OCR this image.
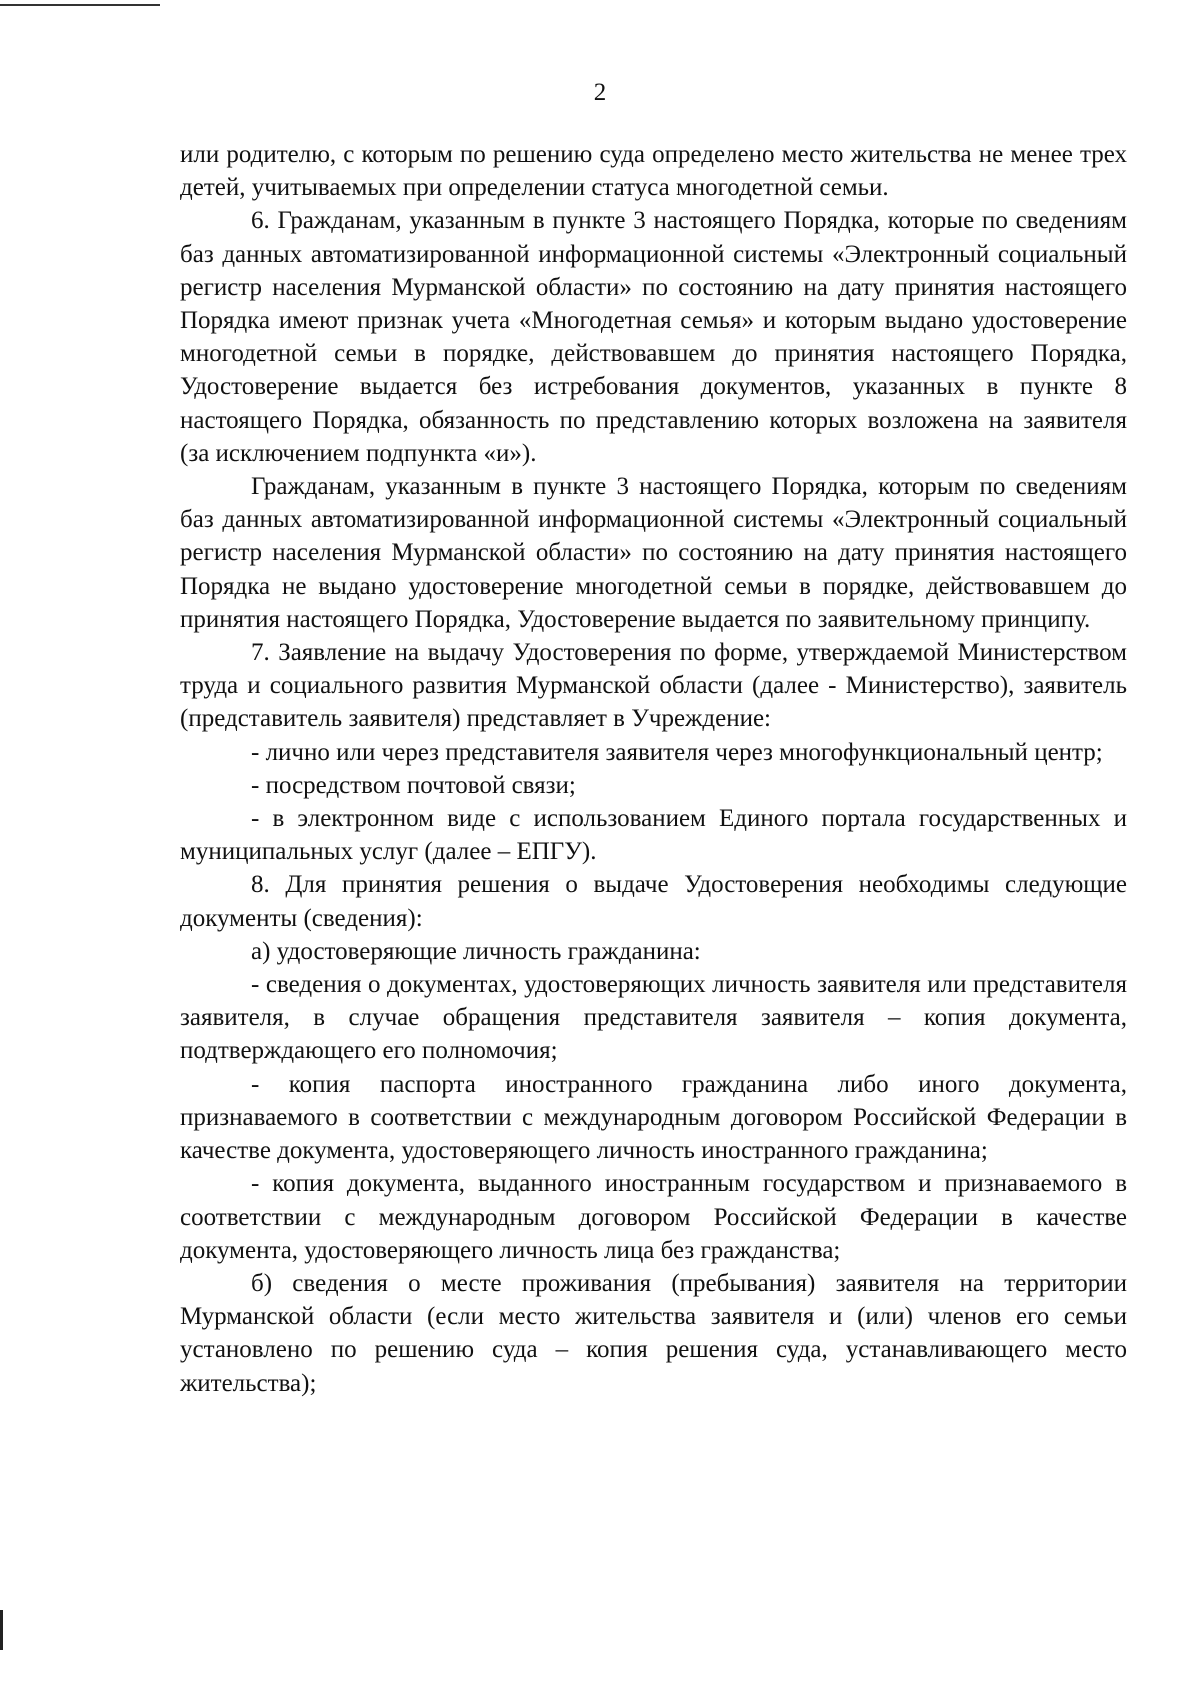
2

или родителю, с которым по решению суда определено место жительства не менее трех детей, учитываемых при определении статуса многодетной семьи.

6. Гражданам, указанным в пункте 3 настоящего Порядка, которые по сведениям баз данных автоматизированной информационной системы «Электронный социальный регистр населения Мурманской области» по состоянию на дату принятия настоящего Порядка имеют признак учета «Многодетная семья» и которым выдано удостоверение многодетной семьи в порядке, действовавшем до принятия настоящего Порядка, Удостоверение выдается без истребования документов, указанных в пункте 8 настоящего Порядка, обязанность по представлению которых возложена на заявителя (за исключением подпункта «и»).

Гражданам, указанным в пункте 3 настоящего Порядка, которым по сведениям баз данных автоматизированной информационной системы «Электронный социальный регистр населения Мурманской области» по состоянию на дату принятия настоящего Порядка не выдано удостоверение многодетной семьи в порядке, действовавшем до принятия настоящего Порядка, Удостоверение выдается по заявительному принципу.

7. Заявление на выдачу Удостоверения по форме, утверждаемой Министерством труда и социального развития Мурманской области (далее - Министерство), заявитель (представитель заявителя) представляет в Учреждение:

- лично или через представителя заявителя через многофункциональный центр;

- посредством почтовой связи;

- в электронном виде с использованием Единого портала государственных и муниципальных услуг (далее – ЕПГУ).

8. Для принятия решения о выдаче Удостоверения необходимы следующие документы (сведения):

а) удостоверяющие личность гражданина:

- сведения о документах, удостоверяющих личность заявителя или представителя заявителя, в случае обращения представителя заявителя – копия документа, подтверждающего его полномочия;

- копия паспорта иностранного гражданина либо иного документа, признаваемого в соответствии с международным договором Российской Федерации в качестве документа, удостоверяющего личность иностранного гражданина;

- копия документа, выданного иностранным государством и признаваемого в соответствии с международным договором Российской Федерации в качестве документа, удостоверяющего личность лица без гражданства;

б) сведения о месте проживания (пребывания) заявителя на территории Мурманской области (если место жительства заявителя и (или) членов его семьи установлено по решению суда – копия решения суда, устанавливающего место жительства);
